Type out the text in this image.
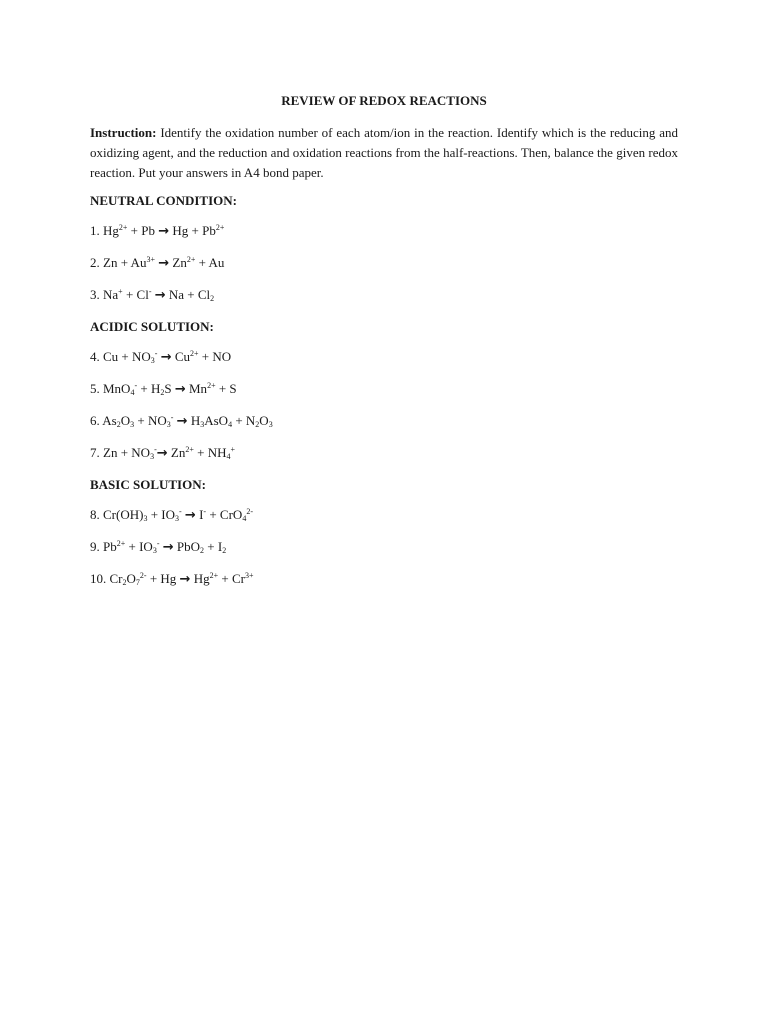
REVIEW OF REDOX REACTIONS

Instruction: Identify the oxidation number of each atom/ion in the reaction. Identify which is the reducing and oxidizing agent, and the reduction and oxidation reactions from the half-reactions. Then, balance the given redox reaction. Put your answers in A4 bond paper.

NEUTRAL CONDITION:
1. $Hg^{2+} + Pb \to Hg + Pb^{2+}$
2. $Zn + Au^{3+} \to Zn^{2+} + Au$
3. $Na^+ + Cl^- \to Na + Cl_2$
ACIDIC SOLUTION:
4. $Cu + NO_3^- \to Cu^{2+}$ + NO
5. $MnO_4^- + H_2S \to Mn^{2+} + S$
6. $As_2O_3 + NO_3^- \to H_3AsO_4 + N_2O_3$
7. $Zn + NO_3^-\to Zn^{2+} + NH_4^+$
BASIC SOLUTION:
8. $Cr(OH)_3 + IO_3^- \to I^- + CrO_4^{2-}$
9. $Pb^{2+} + IO_3^- \to PbO_2 + I_2$
10. $Cr_2O_7^{2-} + Hg \to Hg^{2+} + Cr^{3+}$
